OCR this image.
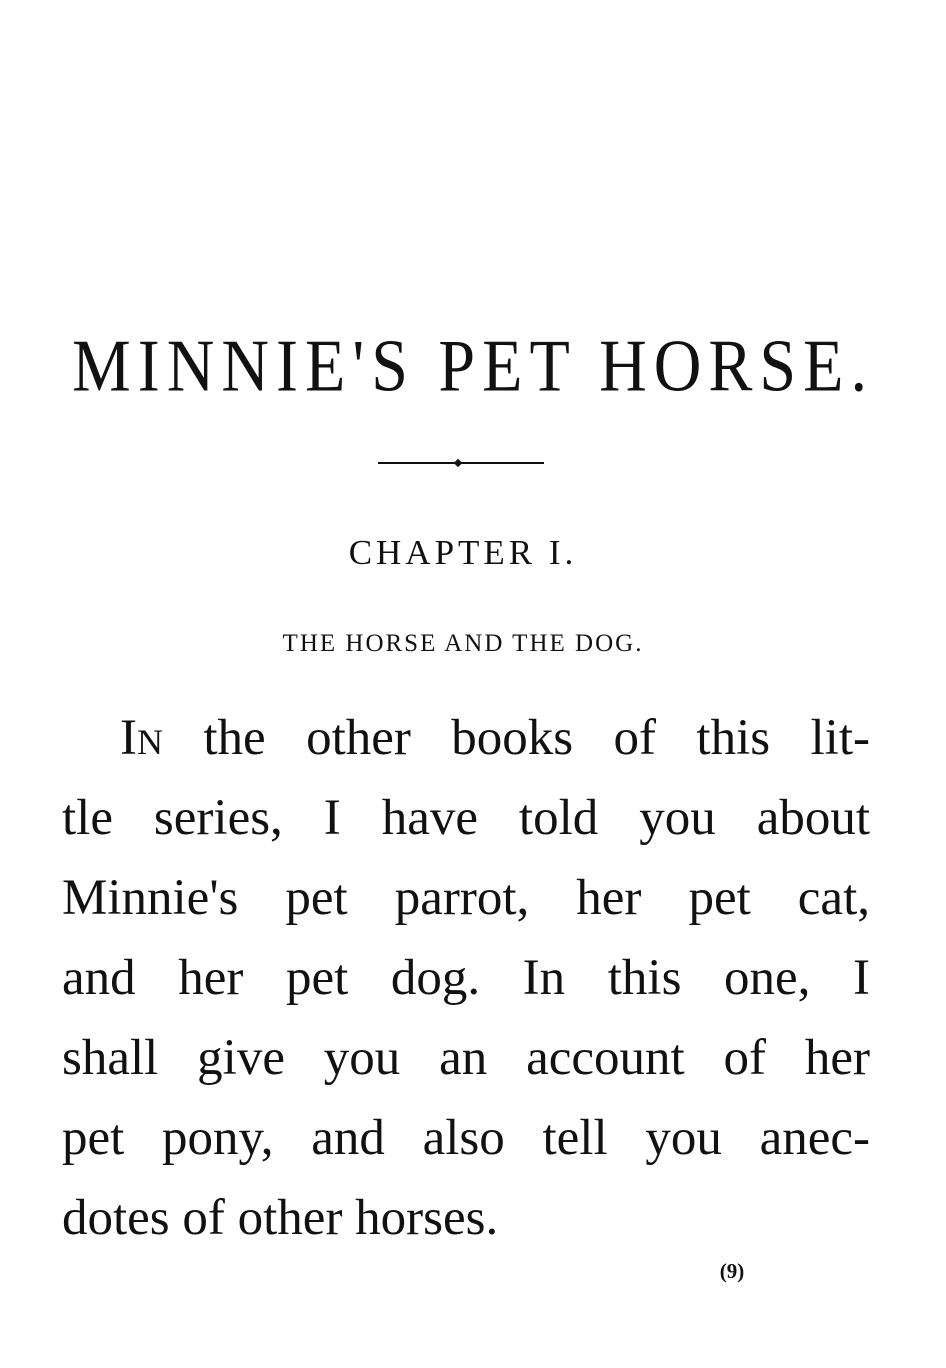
MINNIE'S PET HORSE.
CHAPTER I.
THE HORSE AND THE DOG.
In the other books of this lit-
tle series, I have told you about
Minnie's pet parrot, her pet cat,
and her pet dog. In this one, I
shall give you an account of her
pet pony, and also tell you anec-
dotes of other horses.
(9)
